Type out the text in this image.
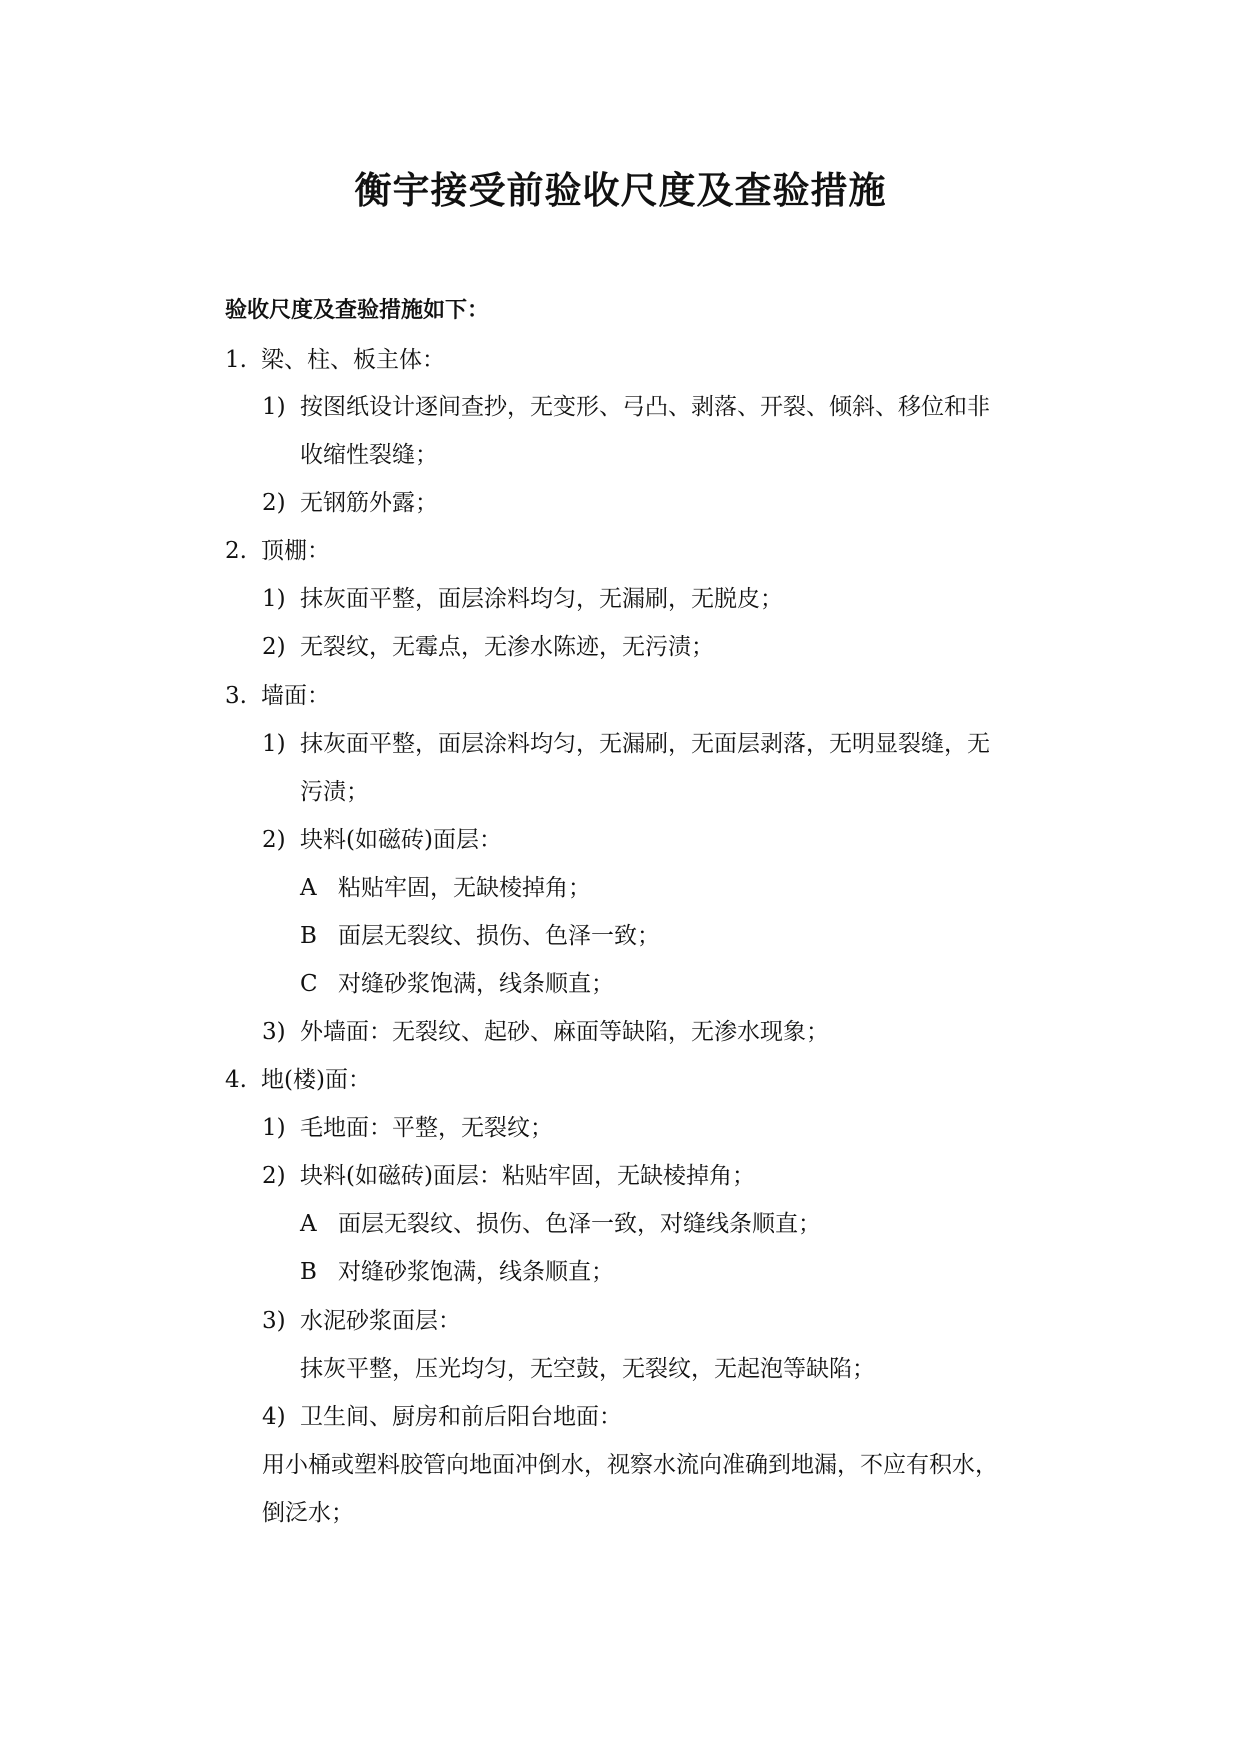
衡宇接受前验收尺度及查验措施
验收尺度及查验措施如下：
1. 梁、柱、板主体：
1) 按图纸设计逐间查抄，无变形、弓凸、剥落、开裂、倾斜、移位和非
收缩性裂缝；
2) 无钢筋外露；
2. 顶棚：
1) 抹灰面平整，面层涂料均匀，无漏刷，无脱皮；
2) 无裂纹，无霉点，无渗水陈迹，无污渍；
3. 墙面：
1) 抹灰面平整，面层涂料均匀，无漏刷，无面层剥落，无明显裂缝，无
污渍；
2) 块料(如磁砖)面层：
A 粘贴牢固，无缺棱掉角；
B 面层无裂纹、损伤、色泽一致；
C 对缝砂浆饱满，线条顺直；
3) 外墙面：无裂纹、起砂、麻面等缺陷，无渗水现象；
4. 地(楼)面：
1) 毛地面：平整，无裂纹；
2) 块料(如磁砖)面层：粘贴牢固，无缺棱掉角；
A 面层无裂纹、损伤、色泽一致，对缝线条顺直；
B 对缝砂浆饱满，线条顺直；
3) 水泥砂浆面层：
抹灰平整，压光均匀，无空鼓，无裂纹，无起泡等缺陷；
4) 卫生间、厨房和前后阳台地面：
用小桶或塑料胶管向地面冲倒水，视察水流向准确到地漏，不应有积水，
倒泛水；
